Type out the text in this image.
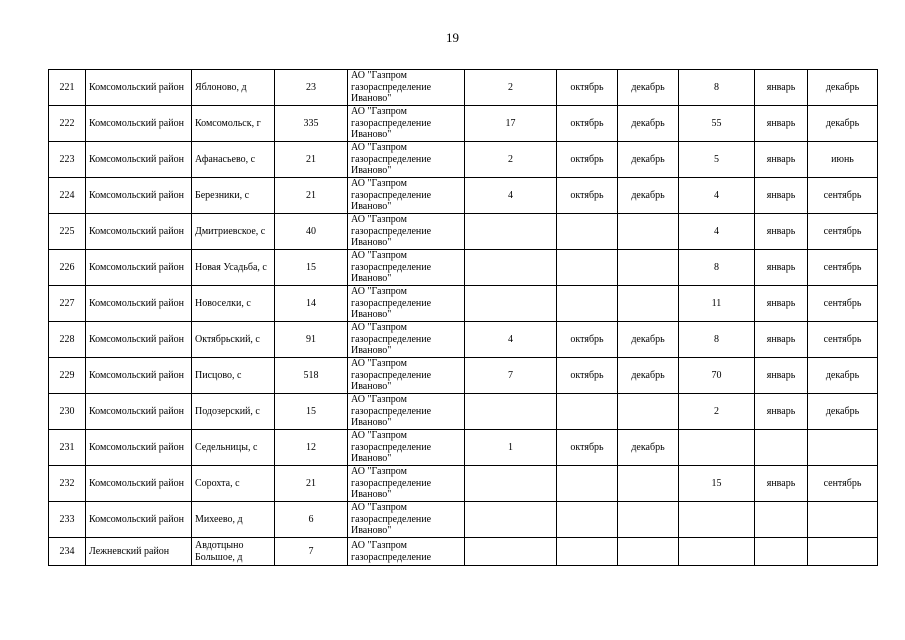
19
221	Комсомольский район	Яблоново, д	23	АО "Газпром газораспределение Иваново"	2	октябрь	декабрь	8	январь	декабрь
222	Комсомольский район	Комсомольск, г	335	АО "Газпром газораспределение Иваново"	17	октябрь	декабрь	55	январь	декабрь
223	Комсомольский район	Афанасьево, с	21	АО "Газпром газораспределение Иваново"	2	октябрь	декабрь	5	январь	июнь
224	Комсомольский район	Березники, с	21	АО "Газпром газораспределение Иваново"	4	октябрь	декабрь	4	январь	сентябрь
225	Комсомольский район	Дмитриевское, с	40	АО "Газпром газораспределение Иваново"				4	январь	сентябрь
226	Комсомольский район	Новая Усадьба, с	15	АО "Газпром газораспределение Иваново"				8	январь	сентябрь
227	Комсомольский район	Новоселки, с	14	АО "Газпром газораспределение Иваново"				11	январь	сентябрь
228	Комсомольский район	Октябрьский, с	91	АО "Газпром газораспределение Иваново"	4	октябрь	декабрь	8	январь	сентябрь
229	Комсомольский район	Писцово, с	518	АО "Газпром газораспределение Иваново"	7	октябрь	декабрь	70	январь	декабрь
230	Комсомольский район	Подозерский, с	15	АО "Газпром газораспределение Иваново"				2	январь	декабрь
231	Комсомольский район	Седельницы, с	12	АО "Газпром газораспределение Иваново"	1	октябрь	декабрь			
232	Комсомольский район	Сорохта, с	21	АО "Газпром газораспределение Иваново"				15	январь	сентябрь
233	Комсомольский район	Михеево, д	6	АО "Газпром газораспределение Иваново"						
234	Лежневский район	Авдотцыно Большое, д	7	АО "Газпром газораспределение						
